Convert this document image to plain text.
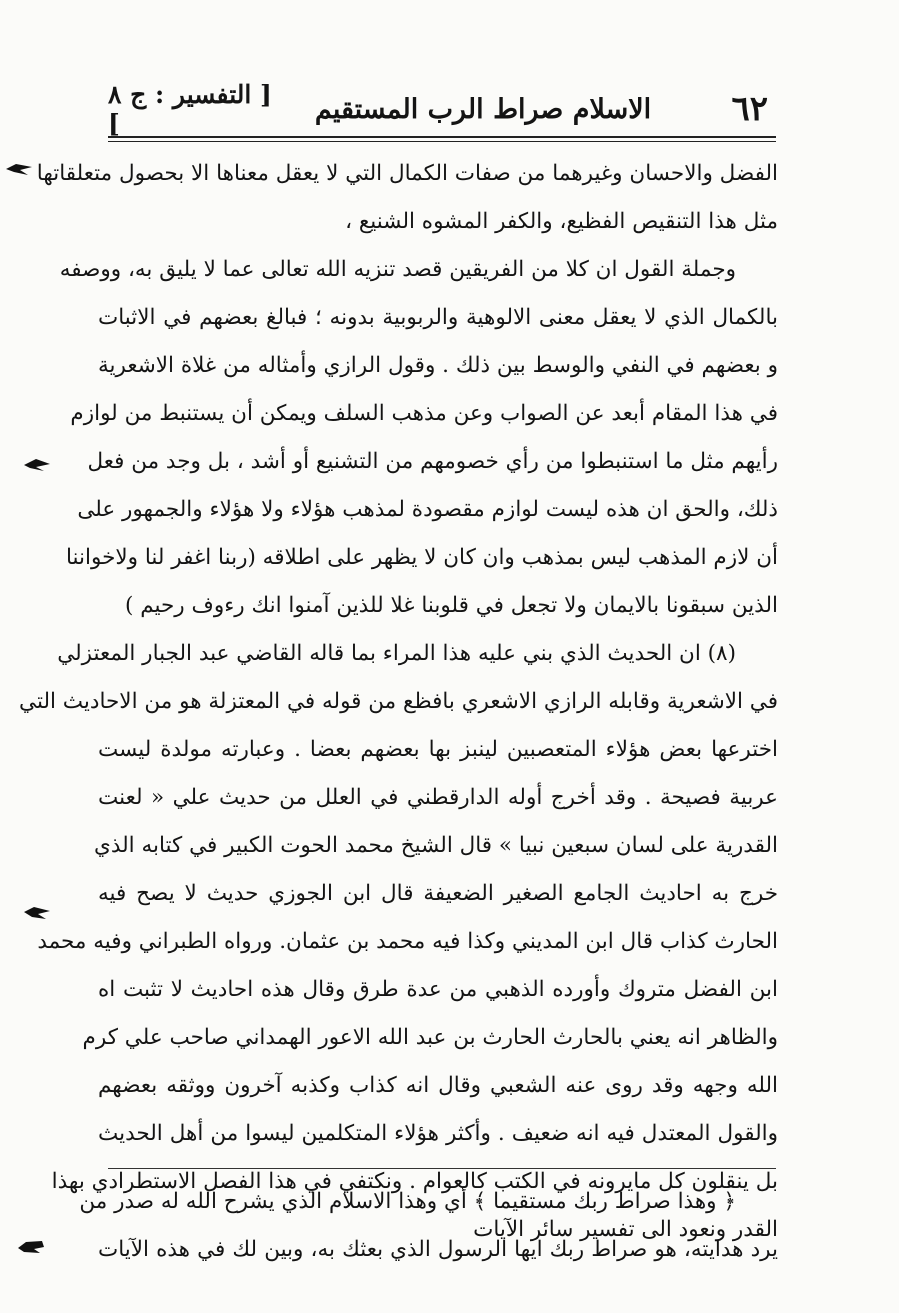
٦٢
الاسلام صراط الرب المستقيم
[ التفسير : ج ٨ ]

الفضل والاحسان وغيرهما من صفات الكمال التي لا يعقل معناها الا بحصول متعلقاتها
مثل هذا التنقيص الفظيع، والكفر المشوه الشنيع ،

وجملة القول ان كلا من الفريقين قصد تنزيه الله تعالى عما لا يليق به، ووصفه
بالكمال الذي لا يعقل معنى الالوهية والربوبية بدونه ؛ فبالغ بعضهم في الاثبات
و بعضهم في النفي والوسط بين ذلك . وقول الرازي وأمثاله من غلاة الاشعرية
في هذا المقام أبعد عن الصواب وعن مذهب السلف ويمكن أن يستنبط من لوازم
رأيهم مثل ما استنبطوا من رأي خصومهم من التشنيع أو أشد ، بل وجد من فعل
ذلك، والحق ان هذه ليست لوازم مقصودة لمذهب هؤلاء ولا هؤلاء والجمهور على
أن لازم المذهب ليس بمذهب وان كان لا يظهر على اطلاقه (ربنا اغفر لنا ولاخواننا
الذين سبقونا بالايمان ولا تجعل في قلوبنا غلا للذين آمنوا انك رءوف رحيم )

(٨) ان الحديث الذي بني عليه هذا المراء بما قاله القاضي عبد الجبار المعتزلي
في الاشعرية وقابله الرازي الاشعري بافظع من قوله في المعتزلة هو من الاحاديث التي
اخترعها بعض هؤلاء المتعصبين لينبز بها بعضهم بعضا . وعبارته مولدة ليست
عربية فصيحة . وقد أخرج أوله الدارقطني في العلل من حديث علي « لعنت
القدرية على لسان سبعين نبيا » قال الشيخ محمد الحوت الكبير في كتابه الذي
خرج به احاديث الجامع الصغير الضعيفة قال ابن الجوزي حديث لا يصح فيه
الحارث كذاب قال ابن المديني وكذا فيه محمد بن عثمان. ورواه الطبراني وفيه محمد
ابن الفضل متروك وأورده الذهبي من عدة طرق وقال هذه احاديث لا تثبت اه
والظاهر انه يعني بالحارث الحارث بن عبد الله الاعور الهمداني صاحب علي كرم
الله وجهه وقد روى عنه الشعبي وقال انه كذاب وكذبه آخرون ووثقه بعضهم
والقول المعتدل فيه انه ضعيف . وأكثر هؤلاء المتكلمين ليسوا من أهل الحديث
بل ينقلون كل مايرونه في الكتب كالعوام . ونكتفي في هذا الفصل الاستطرادي بهذا
القدر ونعود الى تفسير سائر الآيات

﴿ وهذا صراط ربك مستقيما ﴾ أي وهذا الاسلام الذي يشرح الله له صدر من
يرد هدايته، هو صراط ربك ايها الرسول الذي بعثك به، وبين لك في هذه الآيات
